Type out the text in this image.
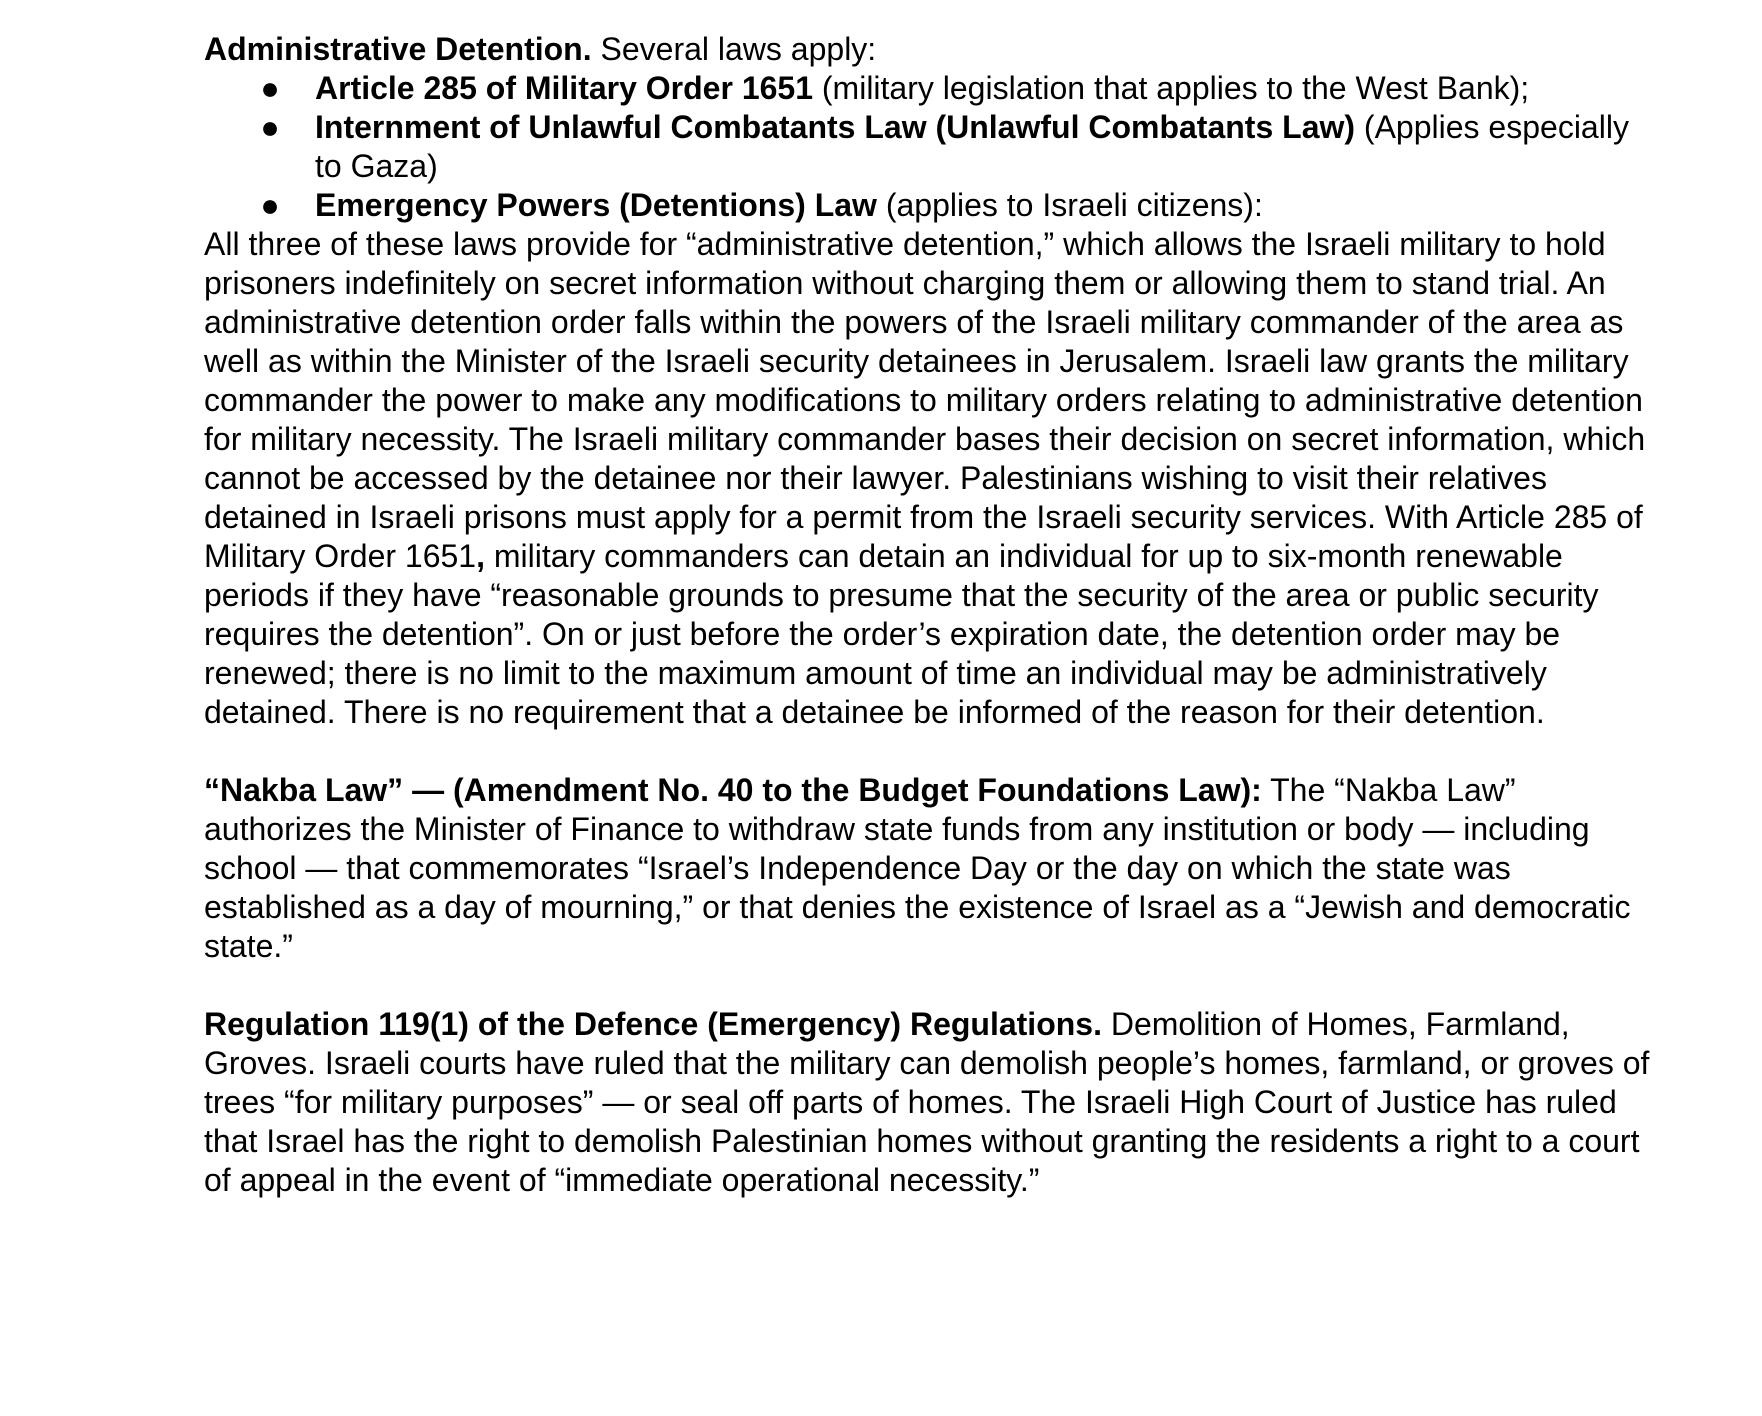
Administrative Detention. Several laws apply:

● Article 285 of Military Order 1651 (military legislation that applies to the West Bank);
● Internment of Unlawful Combatants Law (Unlawful Combatants Law) (Applies especially to Gaza)
● Emergency Powers (Detentions) Law (applies to Israeli citizens):

All three of these laws provide for “administrative detention,” which allows the Israeli military to hold prisoners indefinitely on secret information without charging them or allowing them to stand trial. An administrative detention order falls within the powers of the Israeli military commander of the area as well as within the Minister of the Israeli security detainees in Jerusalem. Israeli law grants the military commander the power to make any modifications to military orders relating to administrative detention for military necessity. The Israeli military commander bases their decision on secret information, which cannot be accessed by the detainee nor their lawyer. Palestinians wishing to visit their relatives detained in Israeli prisons must apply for a permit from the Israeli security services. With Article 285 of Military Order 1651, military commanders can detain an individual for up to six-month renewable periods if they have “reasonable grounds to presume that the security of the area or public security requires the detention”. On or just before the order’s expiration date, the detention order may be renewed; there is no limit to the maximum amount of time an individual may be administratively detained. There is no requirement that a detainee be informed of the reason for their detention.

“Nakba Law” — (Amendment No. 40 to the Budget Foundations Law): The “Nakba Law” authorizes the Minister of Finance to withdraw state funds from any institution or body — including school — that commemorates “Israel’s Independence Day or the day on which the state was established as a day of mourning,” or that denies the existence of Israel as a “Jewish and democratic state.”

Regulation 119(1) of the Defence (Emergency) Regulations. Demolition of Homes, Farmland, Groves. Israeli courts have ruled that the military can demolish people’s homes, farmland, or groves of trees “for military purposes” — or seal off parts of homes. The Israeli High Court of Justice has ruled that Israel has the right to demolish Palestinian homes without granting the residents a right to a court of appeal in the event of “immediate operational necessity.”
